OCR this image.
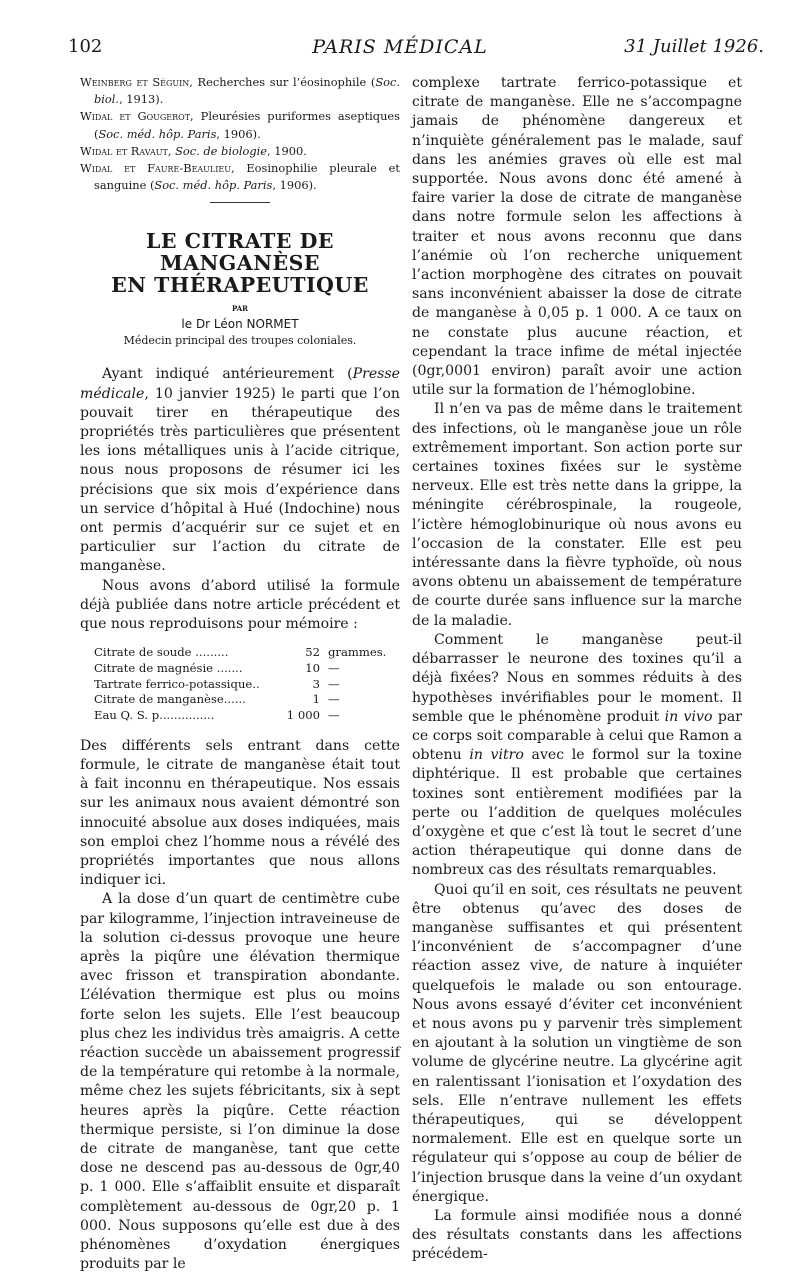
102	PARIS MÉDICAL	31 Juillet 1926.

Weinberg et Séguin, Recherches sur l’éosinophile (Soc. biol., 1913).

Widal et Gougerot, Pleurésies puriformes aseptiques (Soc. méd. hôp. Paris, 1906).

Widal et Ravaut, Soc. de biologie, 1900.

Widal et Faure-Beaulieu, Eosinophilie pleurale et sanguine (Soc. méd. hôp. Paris, 1906).

LE CITRATE DE MANGANÈSE
EN THÉRAPEUTIQUE
PAR
le Dr Léon NORMET
Médecin principal des troupes coloniales.

Ayant indiqué antérieurement (Presse médicale, 10 janvier 1925) le parti que l’on pouvait tirer en thérapeutique des propriétés très particulières que présentent les ions métalliques unis à l’acide citrique, nous nous proposons de résumer ici les précisions que six mois d’expérience dans un service d’hôpital à Hué (Indochine) nous ont permis d’acquérir sur ce sujet et en particulier sur l’action du citrate de manganèse.

Nous avons d’abord utilisé la formule déjà publiée dans notre article précédent et que nous reproduisons pour mémoire :

Citrate de soude .........	52	grammes.
Citrate de magnésie .......	10	—
Tartrate ferrico-potassique..	3	—
Citrate de manganèse......	1	—
Eau Q. S. p...............	1 000	—

Des différents sels entrant dans cette formule, le citrate de manganèse était tout à fait inconnu en thérapeutique. Nos essais sur les animaux nous avaient démontré son innocuité absolue aux doses indiquées, mais son emploi chez l’homme nous a révélé des propriétés importantes que nous allons indiquer ici.

A la dose d’un quart de centimètre cube par kilogramme, l’injection intraveineuse de la solution ci-dessus provoque une heure après la piqûre une élévation thermique avec frisson et transpiration abondante. L’élévation thermique est plus ou moins forte selon les sujets. Elle l’est beaucoup plus chez les individus très amaigris. A cette réaction succède un abaissement progressif de la température qui retombe à la normale, même chez les sujets fébricitants, six à sept heures après la piqûre. Cette réaction thermique persiste, si l’on diminue la dose de citrate de manganèse, tant que cette dose ne descend pas au-dessous de 0gr,40 p. 1 000. Elle s’affaiblit ensuite et disparaît complètement au-dessous de 0gr,20 p. 1 000. Nous supposons qu’elle est due à des phénomènes d’oxydation énergiques produits par le

complexe tartrate ferrico-potassique et citrate de manganèse. Elle ne s’accompagne jamais de phénomène dangereux et n’inquiète généralement pas le malade, sauf dans les anémies graves où elle est mal supportée. Nous avons donc été amené à faire varier la dose de citrate de manganèse dans notre formule selon les affections à traiter et nous avons reconnu que dans l’anémie où l’on recherche uniquement l’action morphogène des citrates on pouvait sans inconvénient abaisser la dose de citrate de manganèse à 0,05 p. 1 000. A ce taux on ne constate plus aucune réaction, et cependant la trace infime de métal injectée (0gr,0001 environ) paraît avoir une action utile sur la formation de l’hémoglobine.

Il n’en va pas de même dans le traitement des infections, où le manganèse joue un rôle extrêmement important. Son action porte sur certaines toxines fixées sur le système nerveux. Elle est très nette dans la grippe, la méningite cérébrospinale, la rougeole, l’ictère hémoglobinurique où nous avons eu l’occasion de la constater. Elle est peu intéressante dans la fièvre typhoïde, où nous avons obtenu un abaissement de température de courte durée sans influence sur la marche de la maladie.

Comment le manganèse peut-il débarrasser le neurone des toxines qu’il a déjà fixées? Nous en sommes réduits à des hypothèses invérifiables pour le moment. Il semble que le phénomène produit in vivo par ce corps soit comparable à celui que Ramon a obtenu in vitro avec le formol sur la toxine diphtérique. Il est probable que certaines toxines sont entièrement modifiées par la perte ou l’addition de quelques molécules d’oxygène et que c’est là tout le secret d’une action thérapeutique qui donne dans de nombreux cas des résultats remarquables.

Quoi qu’il en soit, ces résultats ne peuvent être obtenus qu’avec des doses de manganèse suffisantes et qui présentent l’inconvénient de s’accompagner d’une réaction assez vive, de nature à inquiéter quelquefois le malade ou son entourage. Nous avons essayé d’éviter cet inconvénient et nous avons pu y parvenir très simplement en ajoutant à la solution un vingtième de son volume de glycérine neutre. La glycérine agit en ralentissant l’ionisation et l’oxydation des sels. Elle n’entrave nullement les effets thérapeutiques, qui se développent normalement. Elle est en quelque sorte un régulateur qui s’oppose au coup de bélier de l’injection brusque dans la veine d’un oxydant énergique.

La formule ainsi modifiée nous a donné des résultats constants dans les affections précédem-
